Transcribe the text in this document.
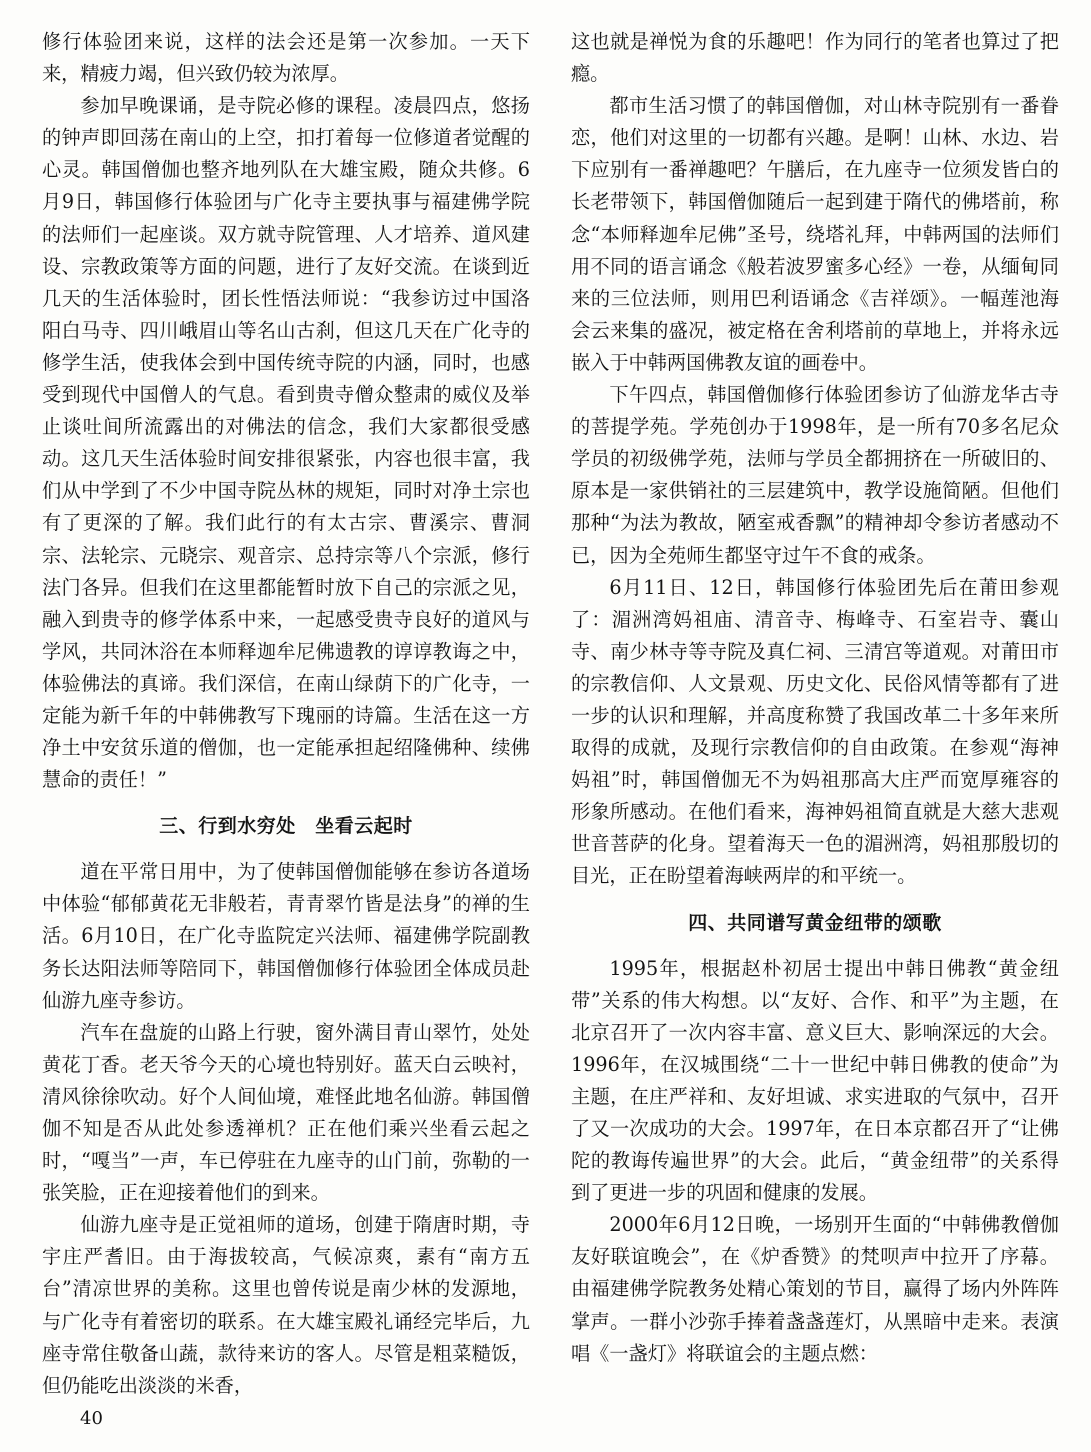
修行体验团来说，这样的法会还是第一次参加。一天下来，精疲力竭，但兴致仍较为浓厚。

参加早晚课诵，是寺院必修的课程。凌晨四点，悠扬的钟声即回荡在南山的上空，扣打着每一位修道者觉醒的心灵。韩国僧伽也整齐地列队在大雄宝殿，随众共修。6月9日，韩国修行体验团与广化寺主要执事与福建佛学院的法师们一起座谈。双方就寺院管理、人才培养、道风建设、宗教政策等方面的问题，进行了友好交流。在谈到近几天的生活体验时，团长性悟法师说：“我参访过中国洛阳白马寺、四川峨眉山等名山古刹，但这几天在广化寺的修学生活，使我体会到中国传统寺院的内涵，同时，也感受到现代中国僧人的气息。看到贵寺僧众整肃的威仪及举止谈吐间所流露出的对佛法的信念，我们大家都很受感动。这几天生活体验时间安排很紧张，内容也很丰富，我们从中学到了不少中国寺院丛林的规矩，同时对净土宗也有了更深的了解。我们此行的有太古宗、曹溪宗、曹洞宗、法轮宗、元晓宗、观音宗、总持宗等八个宗派，修行法门各异。但我们在这里都能暂时放下自己的宗派之见，融入到贵寺的修学体系中来，一起感受贵寺良好的道风与学风，共同沐浴在本师释迦牟尼佛遗教的谆谆教诲之中，体验佛法的真谛。我们深信，在南山绿荫下的广化寺，一定能为新千年的中韩佛教写下瑰丽的诗篇。生活在这一方净土中安贫乐道的僧伽，也一定能承担起绍隆佛种、续佛慧命的责任！”

三、行到水穷处　坐看云起时

道在平常日用中，为了使韩国僧伽能够在参访各道场中体验“郁郁黄花无非般若，青青翠竹皆是法身”的禅的生活。6月10日，在广化寺监院定兴法师、福建佛学院副教务长达阳法师等陪同下，韩国僧伽修行体验团全体成员赴仙游九座寺参访。

汽车在盘旋的山路上行驶，窗外满目青山翠竹，处处黄花丁香。老天爷今天的心境也特别好。蓝天白云映衬，清风徐徐吹动。好个人间仙境，难怪此地名仙游。韩国僧伽不知是否从此处参透禅机？正在他们乘兴坐看云起之时，“嘎当”一声，车已停驻在九座寺的山门前，弥勒的一张笑脸，正在迎接着他们的到来。

仙游九座寺是正觉祖师的道场，创建于隋唐时期，寺宇庄严耆旧。由于海拔较高，气候凉爽，素有“南方五台”清凉世界的美称。这里也曾传说是南少林的发源地，与广化寺有着密切的联系。在大雄宝殿礼诵经完毕后，九座寺常住敬备山蔬，款待来访的客人。尽管是粗菜糙饭，但仍能吃出淡淡的米香，

这也就是禅悦为食的乐趣吧！作为同行的笔者也算过了把瘾。

都市生活习惯了的韩国僧伽，对山林寺院别有一番眷恋，他们对这里的一切都有兴趣。是啊！山林、水边、岩下应别有一番禅趣吧？午膳后，在九座寺一位须发皆白的长老带领下，韩国僧伽随后一起到建于隋代的佛塔前，称念“本师释迦牟尼佛”圣号，绕塔礼拜，中韩两国的法师们用不同的语言诵念《般若波罗蜜多心经》一卷，从缅甸同来的三位法师，则用巴利语诵念《吉祥颂》。一幅莲池海会云来集的盛况，被定格在舍利塔前的草地上，并将永远嵌入于中韩两国佛教友谊的画卷中。

下午四点，韩国僧伽修行体验团参访了仙游龙华古寺的菩提学苑。学苑创办于1998年，是一所有70多名尼众学员的初级佛学苑，法师与学员全都拥挤在一所破旧的、原本是一家供销社的三层建筑中，教学设施简陋。但他们那种“为法为教故，陋室戒香飘”的精神却令参访者感动不已，因为全苑师生都坚守过午不食的戒条。

6月11日、12日，韩国修行体验团先后在莆田参观了：湄洲湾妈祖庙、清音寺、梅峰寺、石室岩寺、囊山寺、南少林寺等寺院及真仁祠、三清宫等道观。对莆田市的宗教信仰、人文景观、历史文化、民俗风情等都有了进一步的认识和理解，并高度称赞了我国改革二十多年来所取得的成就，及现行宗教信仰的自由政策。在参观“海神妈祖”时，韩国僧伽无不为妈祖那高大庄严而宽厚雍容的形象所感动。在他们看来，海神妈祖简直就是大慈大悲观世音菩萨的化身。望着海天一色的湄洲湾，妈祖那殷切的目光，正在盼望着海峡两岸的和平统一。

四、共同谱写黄金纽带的颂歌

1995年，根据赵朴初居士提出中韩日佛教“黄金纽带”关系的伟大构想。以“友好、合作、和平”为主题，在北京召开了一次内容丰富、意义巨大、影响深远的大会。1996年，在汉城围绕“二十一世纪中韩日佛教的使命”为主题，在庄严祥和、友好坦诚、求实进取的气氛中，召开了又一次成功的大会。1997年，在日本京都召开了“让佛陀的教诲传遍世界”的大会。此后，“黄金纽带”的关系得到了更进一步的巩固和健康的发展。

2000年6月12日晚，一场别开生面的“中韩佛教僧伽友好联谊晚会”，在《炉香赞》的梵呗声中拉开了序幕。由福建佛学院教务处精心策划的节目，赢得了场内外阵阵掌声。一群小沙弥手捧着盏盏莲灯，从黑暗中走来。表演唱《一盏灯》将联谊会的主题点燃：

40
